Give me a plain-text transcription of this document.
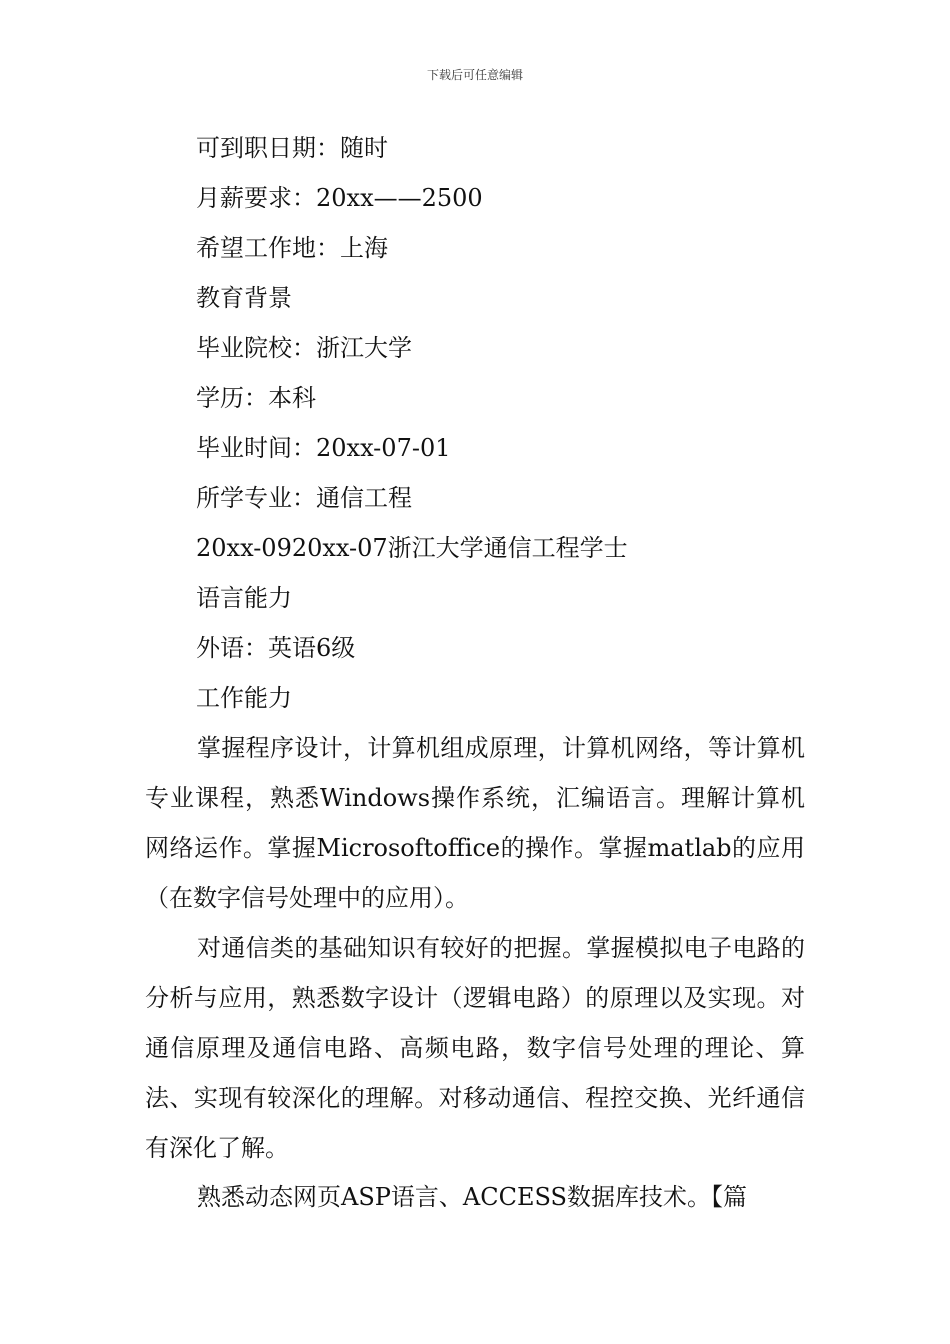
下载后可任意编辑
可到职日期：随时
月薪要求：20xx——2500
希望工作地：上海
教育背景
毕业院校：浙江大学
学历：本科
毕业时间：20xx-07-01
所学专业：通信工程
20xx-0920xx-07浙江大学通信工程学士
语言能力
外语：英语6级
工作能力
掌握程序设计，计算机组成原理，计算机网络，等计算机专业课程，熟悉Windows操作系统，汇编语言。理解计算机网络运作。掌握Microsoftoffice的操作。掌握matlab的应用（在数字信号处理中的应用）。
对通信类的基础知识有较好的把握。掌握模拟电子电路的分析与应用，熟悉数字设计（逻辑电路）的原理以及实现。对通信原理及通信电路、高频电路，数字信号处理的理论、算法、实现有较深化的理解。对移动通信、程控交换、光纤通信有深化了解。
熟悉动态网页ASP语言、ACCESS数据库技术。【篇
